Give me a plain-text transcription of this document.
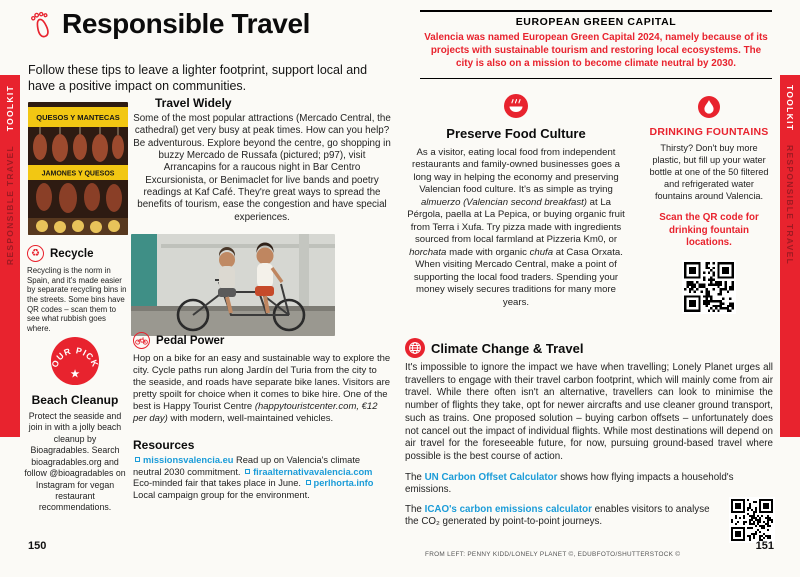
TOOLKIT
RESPONSIBLE TRAVEL
TOOLKIT
RESPONSIBLE TRAVEL
Responsible Travel

Follow these tips to leave a lighter footprint, support local and have a positive impact on communities.

QUESOS Y MANTECAS
JAMONES Y QUESOS
Travel Widely

Some of the most popular attractions (Mercado Central, the cathedral) get very busy at peak times. How can you help? Be adventurous. Explore beyond the centre, go shopping in buzzy Mercado de Russafa (pictured; p97), visit Arrancapins for a raucous night in Bar Centro Excursionista, or Benimaclet for live bands and poetry readings at Kaf Café. They're great ways to spread the benefits of tourism, ease the congestion and have special experiences.

♻ Recycle

Recycling is the norm in Spain, and it's made easier by separate recycling bins in the streets. Some bins have QR codes – scan them to see what rubbish goes where.

OUR PICK
★
Beach Cleanup

Protect the seaside and join in with a jolly beach cleanup by Bioagradables. Search bioagradables.org and follow @bioagradables on Instagram for vegan restaurant recommendations.

Pedal Power

Hop on a bike for an easy and sustainable way to explore the city. Cycle paths run along Jardín del Turia from the city to the seaside, and roads have separate bike lanes. Visitors are pretty spoilt for choice when it comes to bike hire. One of the best is Happy Tourist Centre (happytouristcenter.com, €12 per day) with modern, well-maintained vehicles.

Resources

missionsvalencia.eu Read up on Valencia's climate neutral 2030 commitment. firaalternativavalencia.com Eco-minded fair that takes place in June. perlhorta.info Local campaign group for the environment.

150
EUROPEAN GREEN CAPITAL

Valencia was named European Green Capital 2024, namely because of its projects with sustainable tourism and restoring local ecosystems. The city is also on a mission to become climate neutral by 2030.

Preserve Food Culture

As a visitor, eating local food from independent restaurants and family-owned businesses goes a long way in helping the economy and preserving Valencian food culture. It's as simple as trying almuerzo (Valencian second breakfast) at La Pérgola, paella at La Pepica, or buying organic fruit from Terra i Xufa. Try pizza made with ingredients sourced from local farmland at Pizzeria Km0, or horchata made with organic chufa at Casa Orxata. When visiting Mercado Central, make a point of supporting the local food traders. Spending your money wisely secures traditions for many more years.

DRINKING FOUNTAINS

Thirsty? Don't buy more plastic, but fill up your water bottle at one of the 50 filtered and refrigerated water fountains around Valencia.

Scan the QR code for drinking fountain locations.

Climate Change & Travel

It's impossible to ignore the impact we have when travelling; Lonely Planet urges all travellers to engage with their travel carbon footprint, which will mainly come from air travel. While there often isn't an alternative, travellers can look to minimise the number of flights they take, opt for newer aircrafts and use cleaner ground transport, such as trains. One proposed solution – buying carbon offsets – unfortunately does not cancel out the impact of individual flights. While most destinations will depend on air travel for the foreseeable future, for now, pursuing ground-based travel where possible is the best course of action.

The UN Carbon Offset Calculator shows how flying impacts a household's emissions.

The ICAO's carbon emissions calculator enables visitors to analyse the CO₂ generated by point-to-point journeys.

FROM LEFT: PENNY KIDD/LONELY PLANET ©, EDUBFOTO/SHUTTERSTOCK ©
151
